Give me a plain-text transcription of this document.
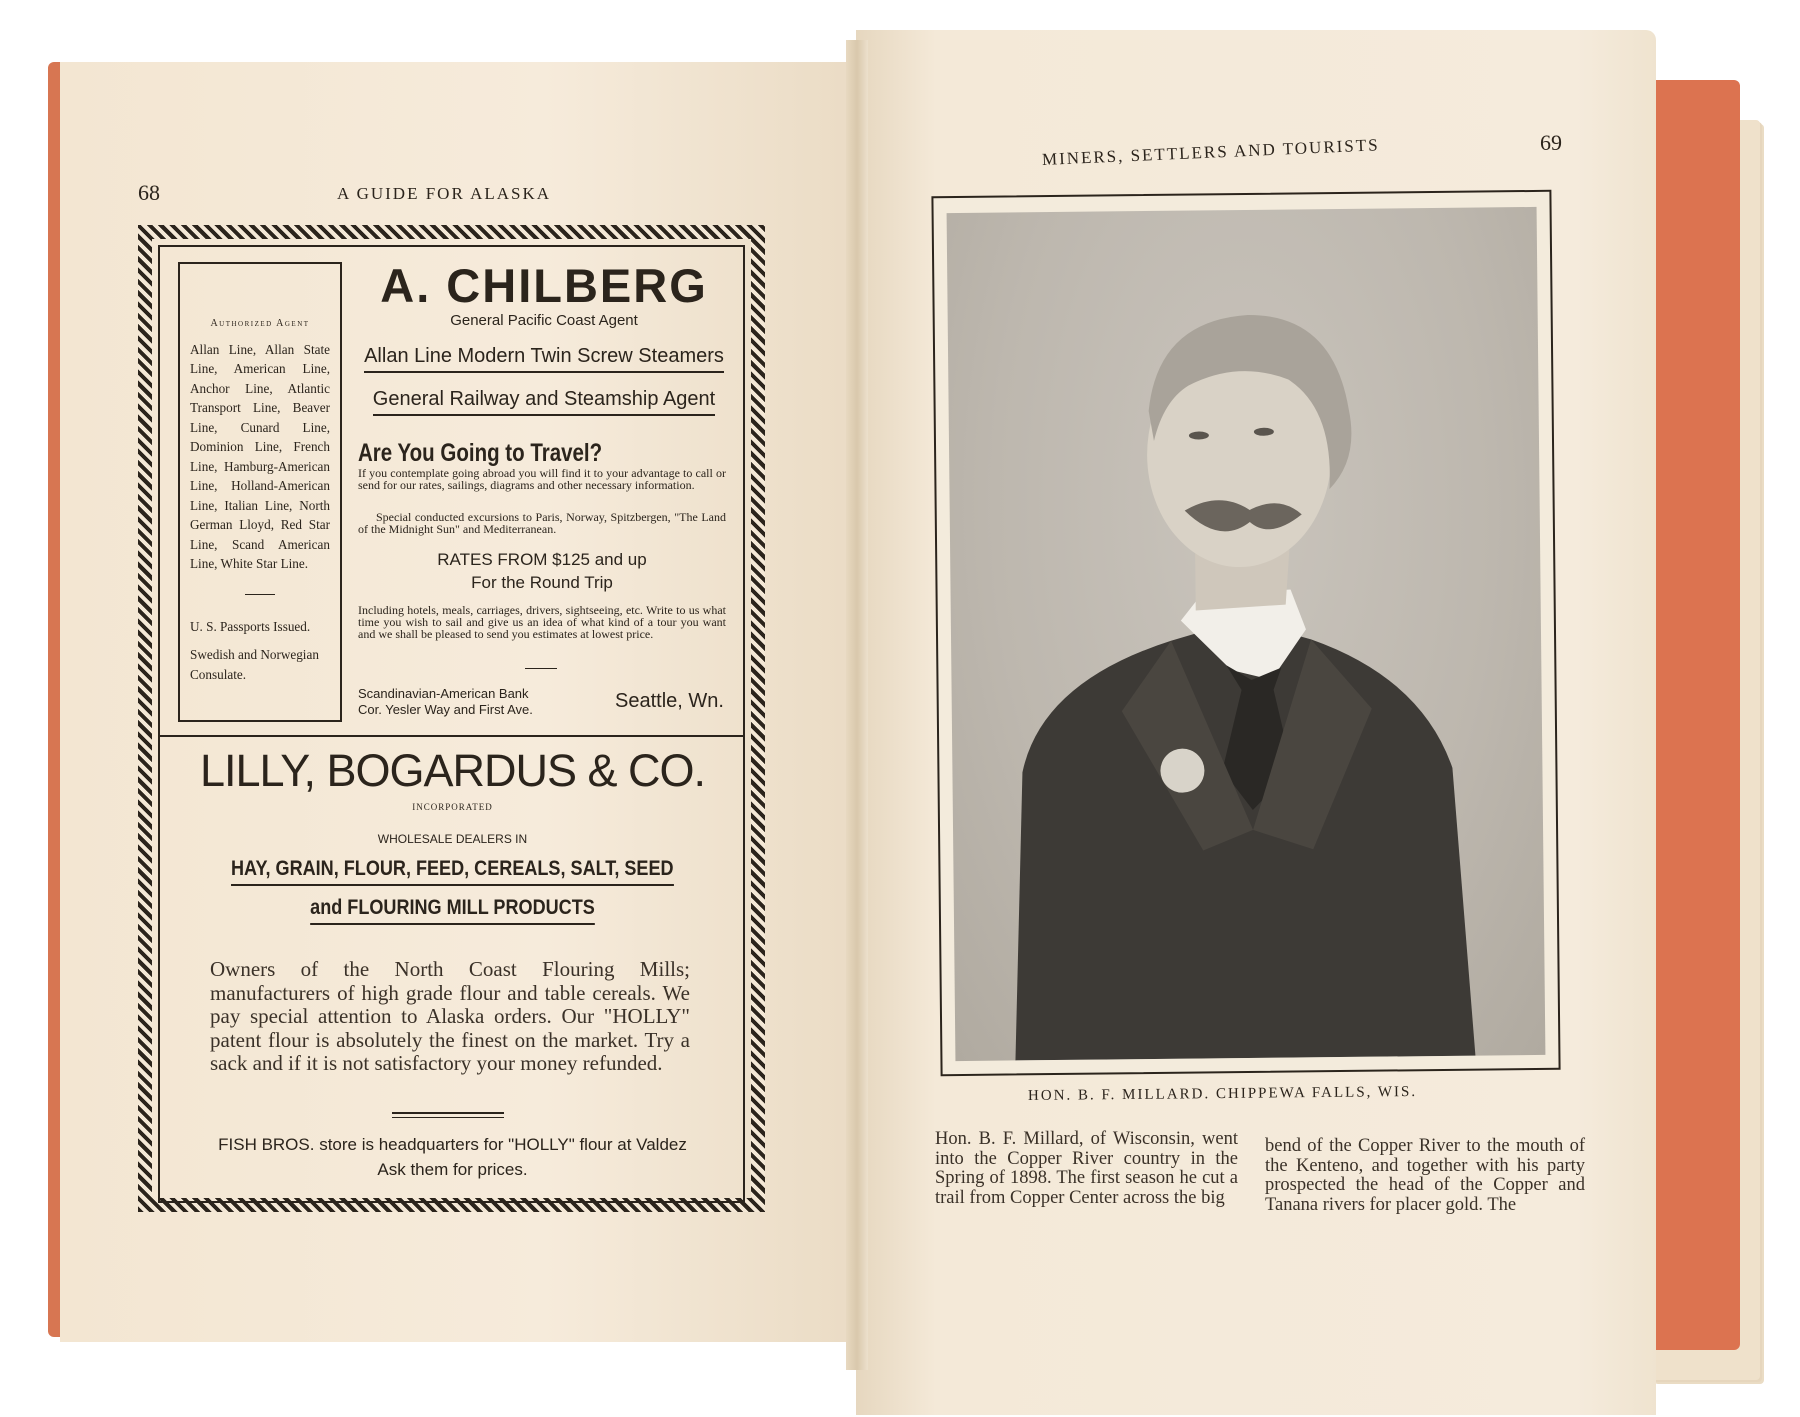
68	A GUIDE FOR ALASKA
Authorized Agent
Allan Line, Allan State Line, American Line, Anchor Line, Atlantic Transport Line, Beaver Line, Cunard Line, Dominion Line, French Line, Hamburg-American Line, Holland-American Line, Italian Line, North German Lloyd, Red Star Line, Scand American Line, White Star Line.
U. S. Passports Issued.
Swedish and Norwegian Consulate.
A. CHILBERG
General Pacific Coast Agent
Allan Line Modern Twin Screw Steamers
General Railway and Steamship Agent
Are You Going to Travel?
If you contemplate going abroad you will find it to your advantage to call or send for our rates, sailings, diagrams and other necessary information.
Special conducted excursions to Paris, Norway, Spitzbergen, "The Land of the Midnight Sun" and Mediterranean.
RATES FROM $125 and up
For the Round Trip
Including hotels, meals, carriages, drivers, sightseeing, etc. Write to us what time you wish to sail and give us an idea of what kind of a tour you want and we shall be pleased to send you estimates at lowest price.
Scandinavian-American Bank
Cor. Yesler Way and First Ave.	Seattle, Wn.
LILLY, BOGARDUS & CO.
INCORPORATED
WHOLESALE DEALERS IN
HAY, GRAIN, FLOUR, FEED, CEREALS, SALT, SEED
and FLOURING MILL PRODUCTS
Owners of the North Coast Flouring Mills; manufacturers of high grade flour and table cereals. We pay special attention to Alaska orders. Our "HOLLY" patent flour is absolutely the finest on the market. Try a sack and if it is not satisfactory your money refunded.
FISH BROS. store is headquarters for "HOLLY" flour at Valdez
Ask them for prices.
MINERS, SETTLERS AND TOURISTS	69
HON. B. F. MILLARD. CHIPPEWA FALLS, WIS.
Hon. B. F. Millard, of Wisconsin, went into the Copper River country in the Spring of 1898. The first season he cut a trail from Copper Center across the big
bend of the Copper River to the mouth of the Kenteno, and together with his party prospected the head of the Copper and Tanana rivers for placer gold. The
